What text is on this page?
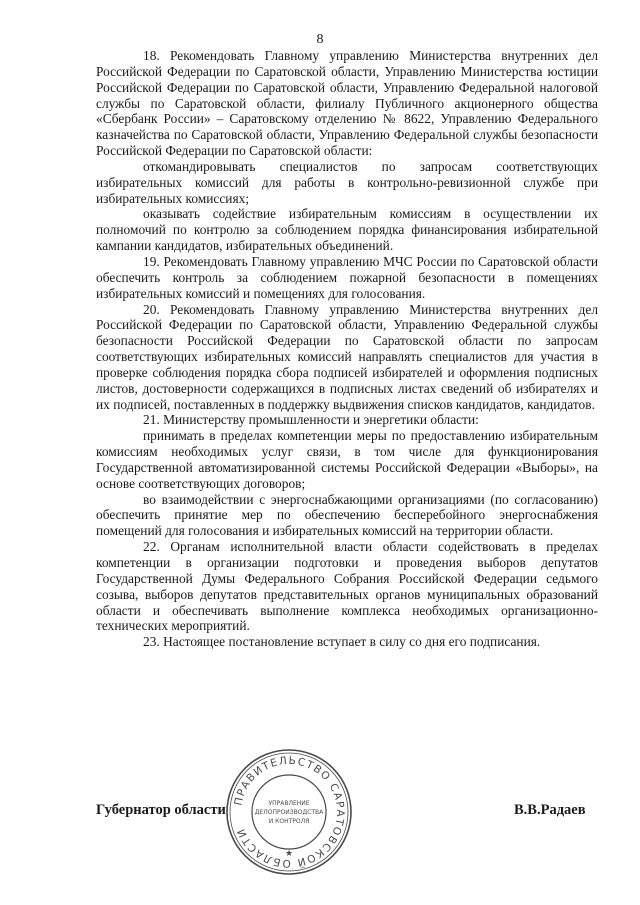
8

18. Рекомендовать Главному управлению Министерства внутренних дел Российской Федерации по Саратовской области, Управлению Министерства юстиции Российской Федерации по Саратовской области, Управлению Федеральной налоговой службы по Саратовской области, филиалу Публичного акционерного общества «Сбербанк России» – Саратовскому отделению № 8622, Управлению Федерального казначейства по Саратовской области, Управлению Федеральной службы безопасности Российской Федерации по Саратовской области:

откомандировывать специалистов по запросам соответствующих избирательных комиссий для работы в контрольно-ревизионной службе при избирательных комиссиях;

оказывать содействие избирательным комиссиям в осуществлении их полномочий по контролю за соблюдением порядка финансирования избирательной кампании кандидатов, избирательных объединений.

19. Рекомендовать Главному управлению МЧС России по Саратовской области обеспечить контроль за соблюдением пожарной безопасности в помещениях избирательных комиссий и помещениях для голосования.

20. Рекомендовать Главному управлению Министерства внутренних дел Российской Федерации по Саратовской области, Управлению Федеральной службы безопасности Российской Федерации по Саратовской области по запросам соответствующих избирательных комиссий направлять специалистов для участия в проверке соблюдения порядка сбора подписей избирателей и оформления подписных листов, достоверности содержащихся в подписных листах сведений об избирателях и их подписей, поставленных в поддержку выдвижения списков кандидатов, кандидатов.

21. Министерству промышленности и энергетики области:

принимать в пределах компетенции меры по предоставлению избирательным комиссиям необходимых услуг связи, в том числе для функционирования Государственной автоматизированной системы Российской Федерации «Выборы», на основе соответствующих договоров;

во взаимодействии с энергоснабжающими организациями (по согласованию) обеспечить принятие мер по обеспечению бесперебойного энергоснабжения помещений для голосования и избирательных комиссий на территории области.

22. Органам исполнительной власти области содействовать в пределах компетенции в организации подготовки и проведения выборов депутатов Государственной Думы Федерального Собрания Российской Федерации седьмого созыва, выборов депутатов представительных органов муниципальных образований области и обеспечивать выполнение комплекса необходимых организационно-технических мероприятий.

23. Настоящее постановление вступает в силу со дня его подписания.

ПРАВИТЕЛЬСТВО САРАТОВСКОЙ ОБЛАСТИ
УПРАВЛЕНИЕ
ДЕЛОПРОИЗВОДСТВА
И КОНТРОЛЯ
★
Губернатор области	В.В.Радаев
